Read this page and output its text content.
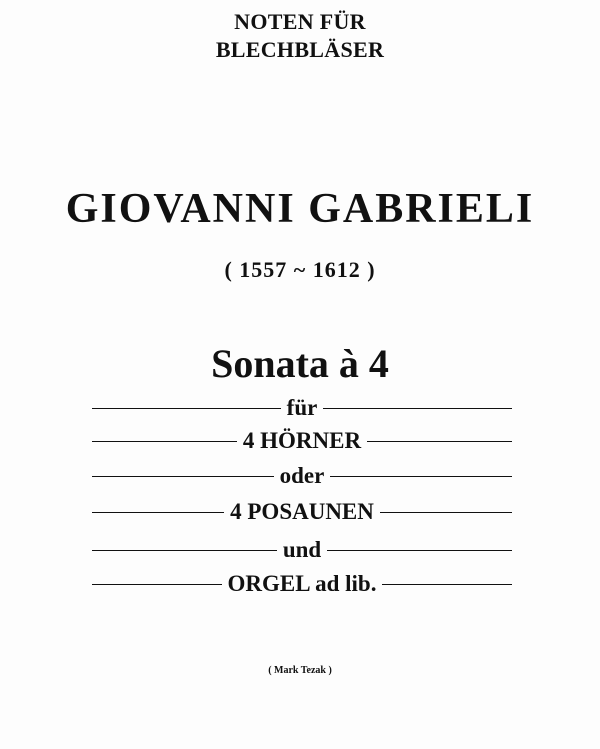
NOTEN FÜR
BLECHBLÄSER
GIOVANNI GABRIELI
( 1557 ~ 1612 )
Sonata à 4
für
4 HÖRNER
oder
4 POSAUNEN
und
ORGEL ad lib.
( Mark Tezak )
